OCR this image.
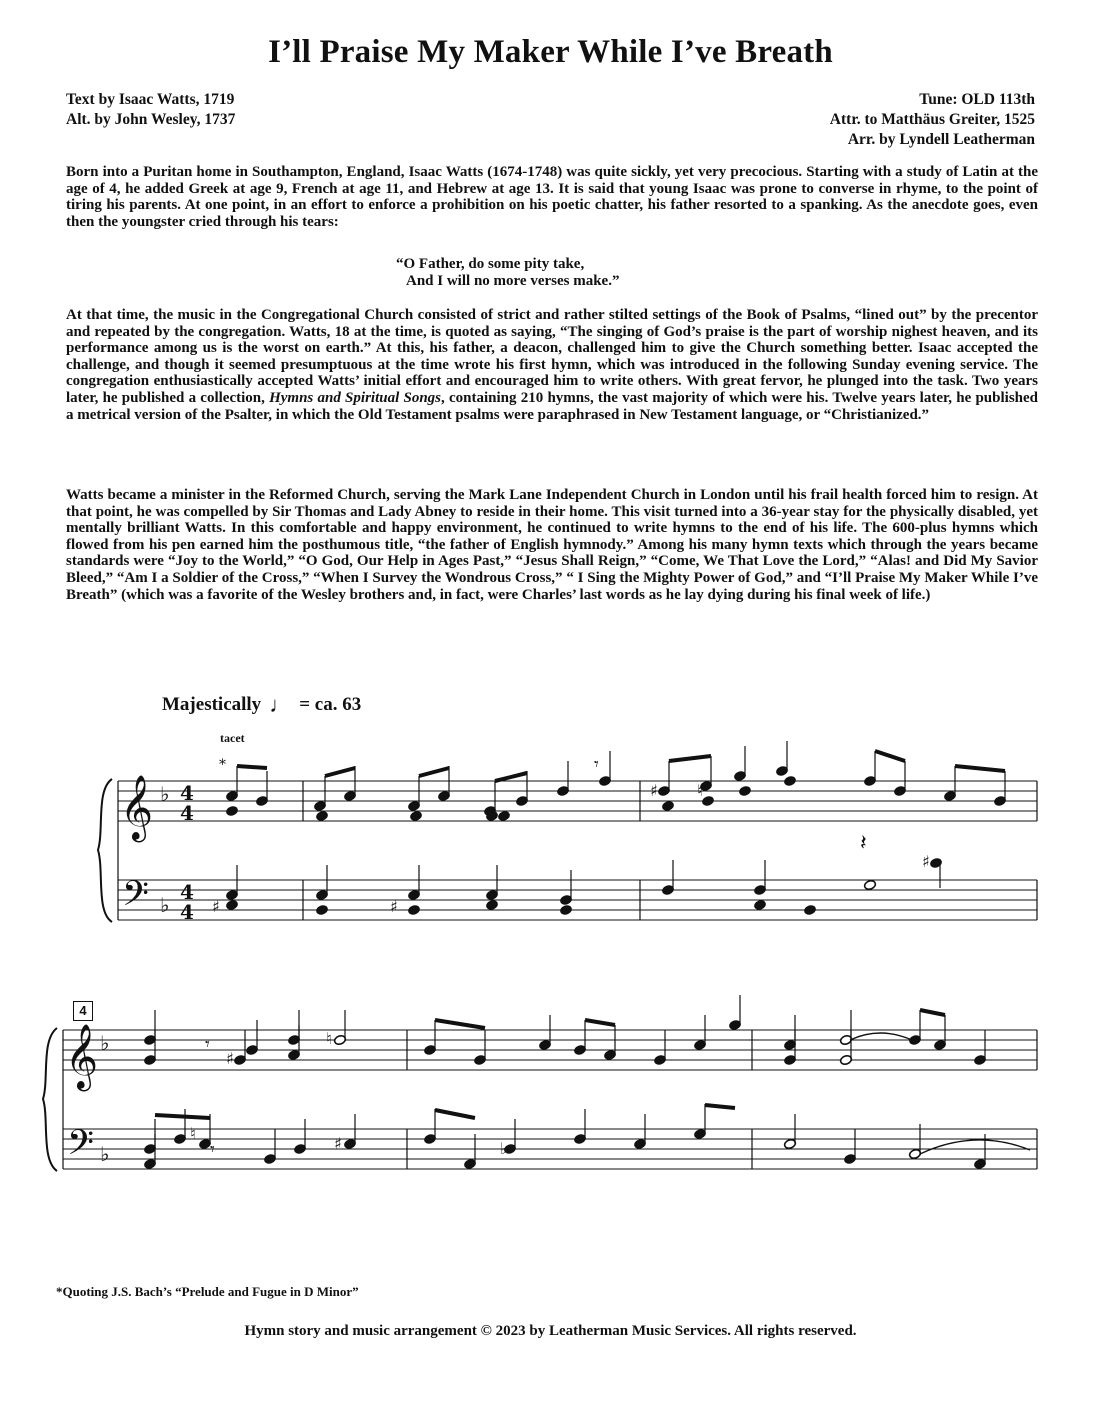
I’ll Praise My Maker While I’ve Breath
Text by Isaac Watts, 1719
Alt. by John Wesley, 1737
Tune: OLD 113th
Attr. to Matthäus Greiter, 1525
Arr. by Lyndell Leatherman
Born into a Puritan home in Southampton, England, Isaac Watts (1674-1748) was quite sickly, yet very precocious. Starting with a study of Latin at the age of 4, he added Greek at age 9, French at age 11, and Hebrew at age 13. It is said that young Isaac was prone to converse in rhyme, to the point of tiring his parents. At one point, in an effort to enforce a prohibition on his poetic chatter, his father resorted to a spanking. As the anecdote goes, even then the youngster cried through his tears:
“O Father, do some pity take,
And I will no more verses make.”
At that time, the music in the Congregational Church consisted of strict and rather stilted settings of the Book of Psalms, “lined out” by the precentor and repeated by the congregation. Watts, 18 at the time, is quoted as saying, “The singing of God’s praise is the part of worship nighest heaven, and its performance among us is the worst on earth.” At this, his father, a deacon, challenged him to give the Church something better. Isaac accepted the challenge, and though it seemed presumptuous at the time wrote his first hymn, which was introduced in the following Sunday evening service. The congregation enthusiastically accepted Watts’ initial effort and encouraged him to write others. With great fervor, he plunged into the task. Two years later, he published a collection, Hymns and Spiritual Songs, containing 210 hymns, the vast majority of which were his. Twelve years later, he published a metrical version of the Psalter, in which the Old Testament psalms were paraphrased in New Testament language, or “Christianized.”
Watts became a minister in the Reformed Church, serving the Mark Lane Independent Church in London until his frail health forced him to resign. At that point, he was compelled by Sir Thomas and Lady Abney to reside in their home. This visit turned into a 36-year stay for the physically disabled, yet mentally brilliant Watts. In this comfortable and happy environment, he continued to write hymns to the end of his life. The 600-plus hymns which flowed from his pen earned him the posthumous title, “the father of English hymnody.” Among his many hymn texts which through the years became standards were “Joy to the World,” “O God, Our Help in Ages Past,” “Jesus Shall Reign,” “Come, We That Love the Lord,” “Alas! and Did My Savior Bleed,” “Am I a Soldier of the Cross,” “When I Survey the Wondrous Cross,” “ I Sing the Mighty Power of God,” and “I’ll Praise My Maker While I’ve Breath” (which was a favorite of the Wesley brothers and, in fact, were Charles’ last words as he lay dying during his final week of life.)
Majestically ♩ = ca. 63
tacet
4
𝄞
𝄢
♭
♭
4
4
4
4
*
𝄞
𝄢
♭
♭
♯ ♮
𝄾
♯	♯
♯
𝄽
♯
♮
𝄾
♮
♯	♭
𝄾
*Quoting J.S. Bach’s “Prelude and Fugue in D Minor”
Hymn story and music arrangement © 2023 by Leatherman Music Services. All rights reserved.
